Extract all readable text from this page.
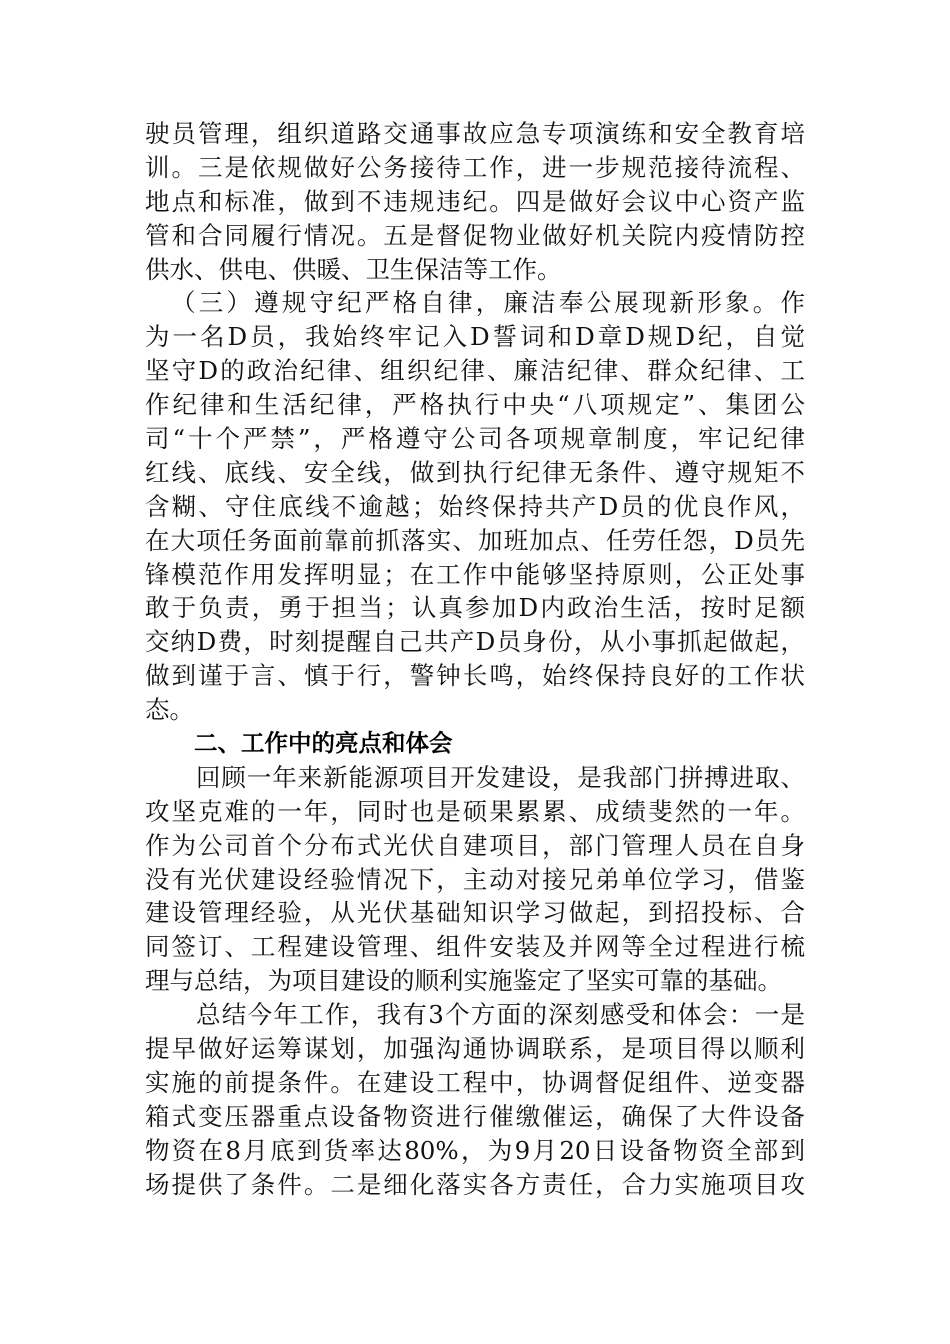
驶员管理，组织道路交通事故应急专项演练和安全教育培
训。三是依规做好公务接待工作，进一步规范接待流程、
地点和标准，做到不违规违纪。四是做好会议中心资产监
管和合同履行情况。五是督促物业做好机关院内疫情防控
供水、供电、供暖、卫生保洁等工作。
（三）遵规守纪严格自律，廉洁奉公展现新形象。作
为一名D员，我始终牢记入D誓词和D章D规D纪，自觉
坚守D的政治纪律、组织纪律、廉洁纪律、群众纪律、工
作纪律和生活纪律，严格执行中央“八项规定”、集团公
司“十个严禁”，严格遵守公司各项规章制度，牢记纪律
红线、底线、安全线，做到执行纪律无条件、遵守规矩不
含糊、守住底线不逾越；始终保持共产D员的优良作风，
在大项任务面前靠前抓落实、加班加点、任劳任怨，D员先
锋模范作用发挥明显；在工作中能够坚持原则，公正处事
敢于负责，勇于担当；认真参加D内政治生活，按时足额
交纳D费，时刻提醒自己共产D员身份，从小事抓起做起，
做到谨于言、慎于行，警钟长鸣，始终保持良好的工作状
态。
二、工作中的亮点和体会
回顾一年来新能源项目开发建设，是我部门拼搏进取、
攻坚克难的一年，同时也是硕果累累、成绩斐然的一年。
作为公司首个分布式光伏自建项目，部门管理人员在自身
没有光伏建设经验情况下，主动对接兄弟单位学习，借鉴
建设管理经验，从光伏基础知识学习做起，到招投标、合
同签订、工程建设管理、组件安装及并网等全过程进行梳
理与总结，为项目建设的顺利实施鉴定了坚实可靠的基础。
总结今年工作，我有3个方面的深刻感受和体会：一是
提早做好运筹谋划，加强沟通协调联系，是项目得以顺利
实施的前提条件。在建设工程中，协调督促组件、逆变器
箱式变压器重点设备物资进行催缴催运，确保了大件设备
物资在8月底到货率达80%，为9月20日设备物资全部到
场提供了条件。二是细化落实各方责任，合力实施项目攻
